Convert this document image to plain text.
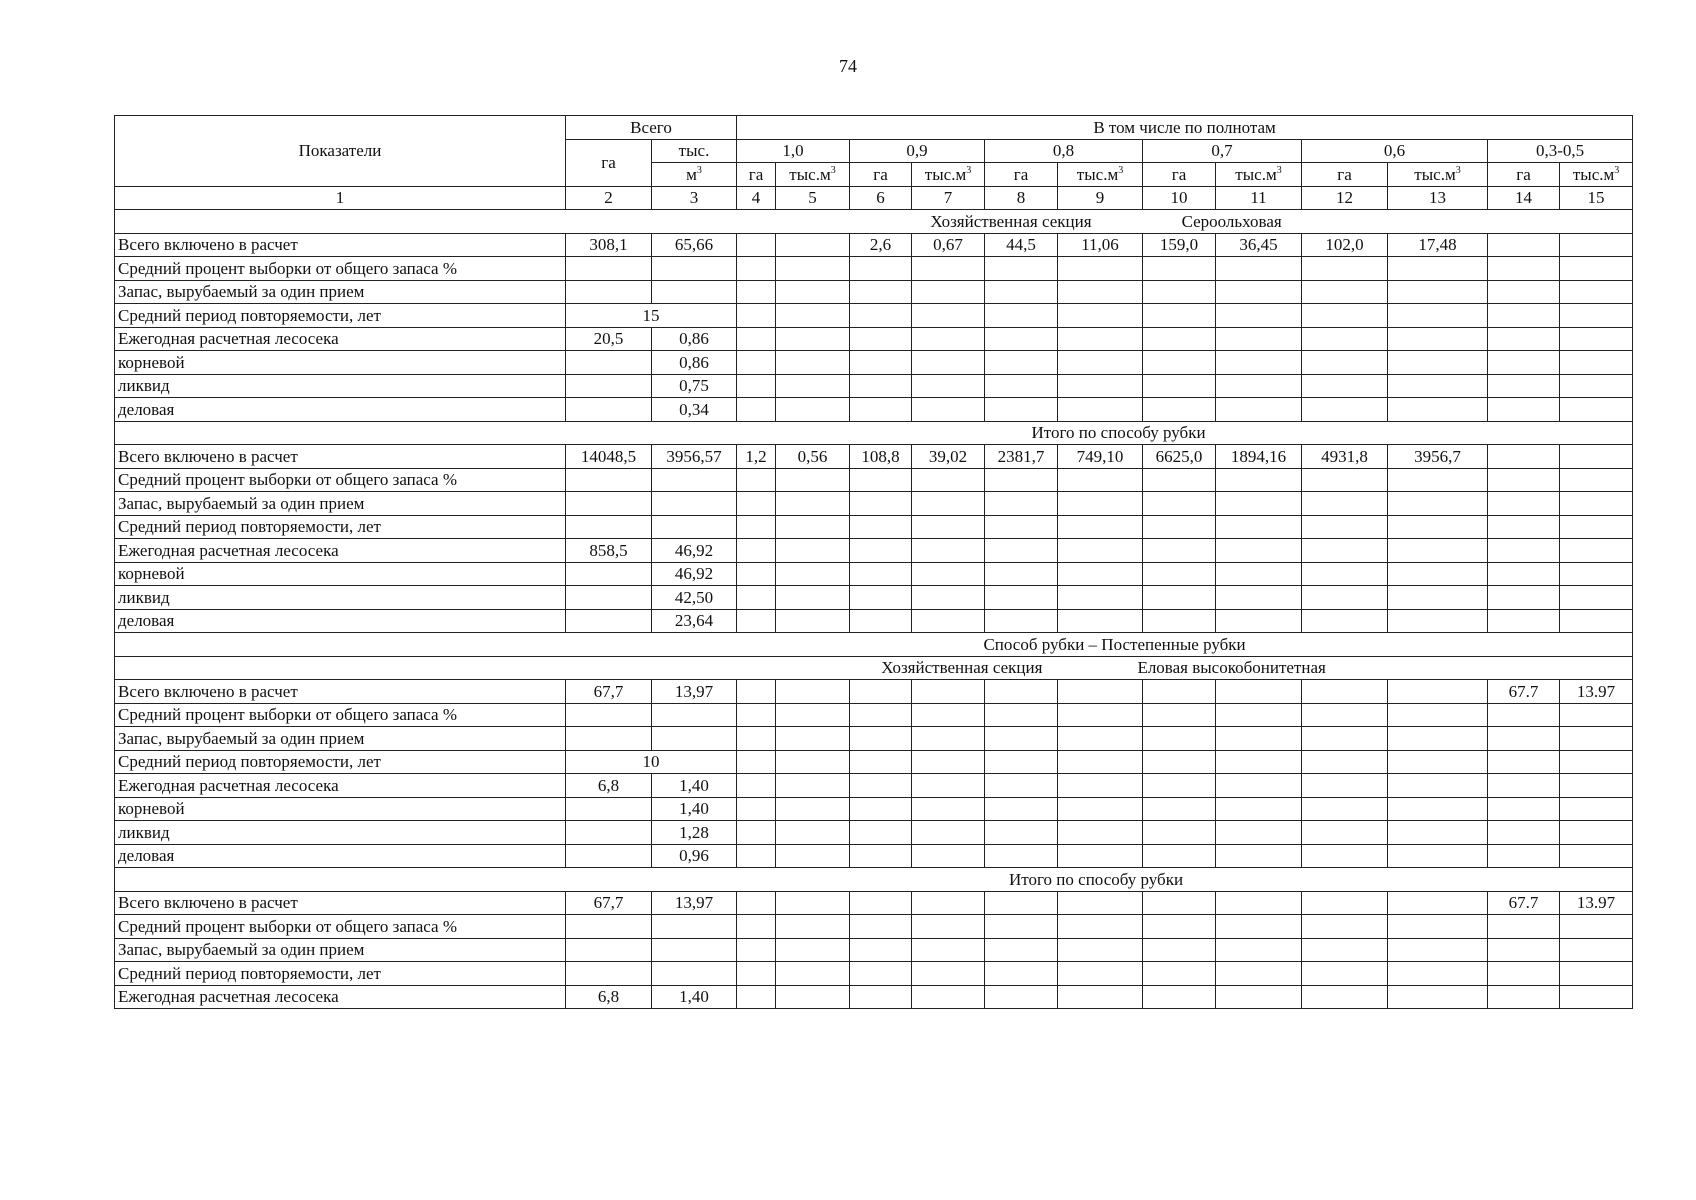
74
Показатели	Всего		В том числе по полнотам											
	га	тыс.	1,0		0,9		0,8		0,7		0,6		0,3-0,5	
		$м^3$	га	$тыс.м^3$	га	$тыс.м^3$	га	$тыс.м^3$	га	$тыс.м^3$	га	$тыс.м^3$	га	$тыс.м^3$
1	2	3	4	5	6	7	8	9	10	11	12	13	14	15
Хозяйственная секция Сероольховая														
Всего включено в расчет	308,1	65,66			2,6	0,67	44,5	11,06	159,0	36,45	102,0	17,48		
Средний процент выборки от общего запаса %														
Запас, вырубаемый за один прием														
Средний период повторяемости, лет	15													
Ежегодная расчетная лесосека	20,5	0,86												
корневой		0,86												
ликвид		0,75												
деловая		0,34												
Итого по способу рубки														
Всего включено в расчет	14048,5	3956,57	1,2	0,56	108,8	39,02	2381,7	749,10	6625,0	1894,16	4931,8	3956,7		
Средний процент выборки от общего запаса %														
Запас, вырубаемый за один прием														
Средний период повторяемости, лет														
Ежегодная расчетная лесосека	858,5	46,92												
корневой		46,92												
ликвид		42,50												
деловая		23,64												
Способ рубки – Постепенные рубки														
Хозяйственная секция Еловая высокобонитетная														
Всего включено в расчет	67,7	13,97											67.7	13.97
Средний процент выборки от общего запаса %														
Запас, вырубаемый за один прием														
Средний период повторяемости, лет	10													
Ежегодная расчетная лесосека	6,8	1,40												
корневой		1,40												
ликвид		1,28												
деловая		0,96												
Итого по способу рубки														
Всего включено в расчет	67,7	13,97											67.7	13.97
Средний процент выборки от общего запаса %														
Запас, вырубаемый за один прием														
Средний период повторяемости, лет														
Ежегодная расчетная лесосека	6,8	1,40												
